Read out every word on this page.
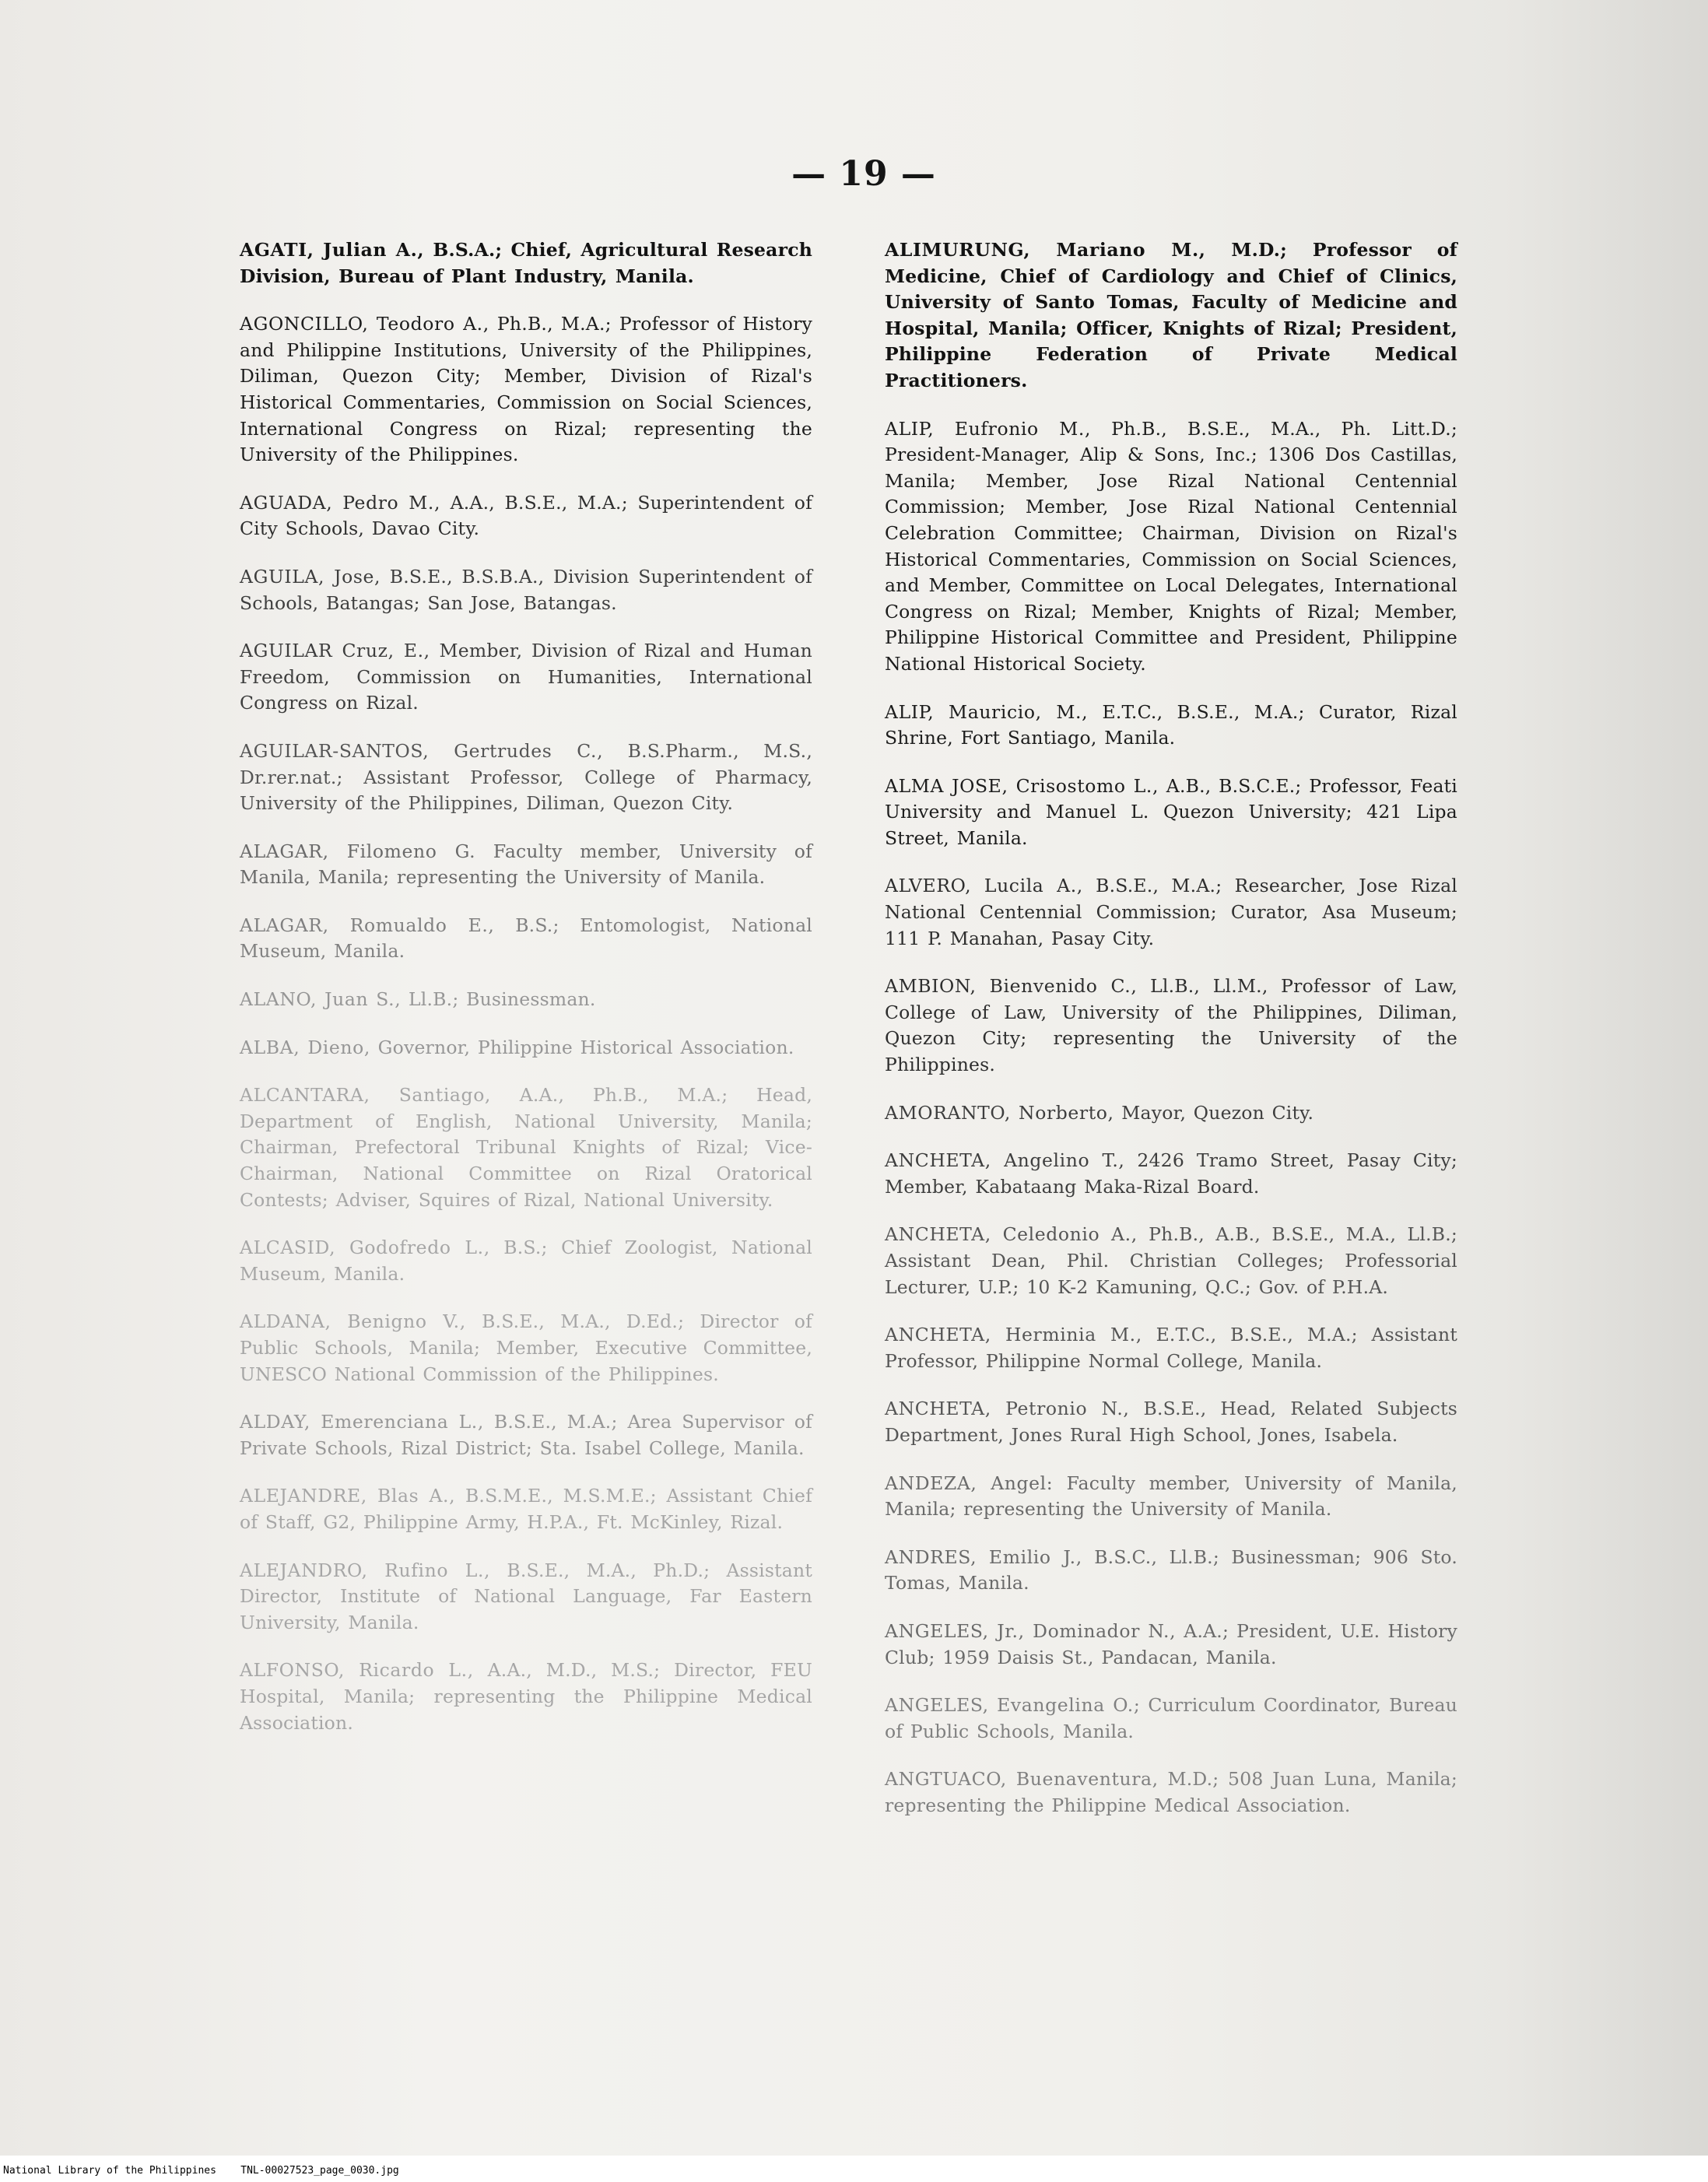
— 19 —

AGATI, Julian A., B.S.A.; Chief, Agricultural Research Division, Bureau of Plant Industry, Manila.

AGONCILLO, Teodoro A., Ph.B., M.A.; Professor of History and Philippine Institutions, University of the Philippines, Diliman, Quezon City; Member, Division of Rizal's Historical Commentaries, Commission on Social Sciences, International Congress on Rizal; representing the University of the Philippines.

AGUADA, Pedro M., A.A., B.S.E., M.A.; Superintendent of City Schools, Davao City.

AGUILA, Jose, B.S.E., B.S.B.A., Division Superintendent of Schools, Batangas; San Jose, Batangas.

AGUILAR Cruz, E., Member, Division of Rizal and Human Freedom, Commission on Humanities, International Congress on Rizal.

AGUILAR-SANTOS, Gertrudes C., B.S.Pharm., M.S., Dr.rer.nat.; Assistant Professor, College of Pharmacy, University of the Philippines, Diliman, Quezon City.

ALAGAR, Filomeno G. Faculty member, University of Manila, Manila; representing the University of Manila.

ALAGAR, Romualdo E., B.S.; Entomologist, National Museum, Manila.

ALANO, Juan S., Ll.B.; Businessman.

ALBA, Dieno, Governor, Philippine Historical Association.

ALCANTARA, Santiago, A.A., Ph.B., M.A.; Head, Department of English, National University, Manila; Chairman, Prefectoral Tribunal Knights of Rizal; Vice-Chairman, National Committee on Rizal Oratorical Contests; Adviser, Squires of Rizal, National University.

ALCASID, Godofredo L., B.S.; Chief Zoologist, National Museum, Manila.

ALDANA, Benigno V., B.S.E., M.A., D.Ed.; Director of Public Schools, Manila; Member, Executive Committee, UNESCO National Commission of the Philippines.

ALDAY, Emerenciana L., B.S.E., M.A.; Area Supervisor of Private Schools, Rizal District; Sta. Isabel College, Manila.

ALEJANDRE, Blas A., B.S.M.E., M.S.M.E.; Assistant Chief of Staff, G2, Philippine Army, H.P.A., Ft. McKinley, Rizal.

ALEJANDRO, Rufino L., B.S.E., M.A., Ph.D.; Assistant Director, Institute of National Language, Far Eastern University, Manila.

ALFONSO, Ricardo L., A.A., M.D., M.S.; Director, FEU Hospital, Manila; representing the Philippine Medical Association.

ALIMURUNG, Mariano M., M.D.; Professor of Medicine, Chief of Cardiology and Chief of Clinics, University of Santo Tomas, Faculty of Medicine and Hospital, Manila; Officer, Knights of Rizal; President, Philippine Federation of Private Medical Practitioners.

ALIP, Eufronio M., Ph.B., B.S.E., M.A., Ph. Litt.D.; President-Manager, Alip & Sons, Inc.; 1306 Dos Castillas, Manila; Member, Jose Rizal National Centennial Commission; Member, Jose Rizal National Centennial Celebration Committee; Chairman, Division on Rizal's Historical Commentaries, Commission on Social Sciences, and Member, Committee on Local Delegates, International Congress on Rizal; Member, Knights of Rizal; Member, Philippine Historical Committee and President, Philippine National Historical Society.

ALIP, Mauricio, M., E.T.C., B.S.E., M.A.; Curator, Rizal Shrine, Fort Santiago, Manila.

ALMA JOSE, Crisostomo L., A.B., B.S.C.E.; Professor, Feati University and Manuel L. Quezon University; 421 Lipa Street, Manila.

ALVERO, Lucila A., B.S.E., M.A.; Researcher, Jose Rizal National Centennial Commission; Curator, Asa Museum; 111 P. Manahan, Pasay City.

AMBION, Bienvenido C., Ll.B., Ll.M., Professor of Law, College of Law, University of the Philippines, Diliman, Quezon City; representing the University of the Philippines.

AMORANTO, Norberto, Mayor, Quezon City.

ANCHETA, Angelino T., 2426 Tramo Street, Pasay City; Member, Kabataang Maka-Rizal Board.

ANCHETA, Celedonio A., Ph.B., A.B., B.S.E., M.A., Ll.B.; Assistant Dean, Phil. Christian Colleges; Professorial Lecturer, U.P.; 10 K-2 Kamuning, Q.C.; Gov. of P.H.A.

ANCHETA, Herminia M., E.T.C., B.S.E., M.A.; Assistant Professor, Philippine Normal College, Manila.

ANCHETA, Petronio N., B.S.E., Head, Related Subjects Department, Jones Rural High School, Jones, Isabela.

ANDEZA, Angel: Faculty member, University of Manila, Manila; representing the University of Manila.

ANDRES, Emilio J., B.S.C., Ll.B.; Businessman; 906 Sto. Tomas, Manila.

ANGELES, Jr., Dominador N., A.A.; President, U.E. History Club; 1959 Daisis St., Pandacan, Manila.

ANGELES, Evangelina O.; Curriculum Coordinator, Bureau of Public Schools, Manila.

ANGTUACO, Buenaventura, M.D.; 508 Juan Luna, Manila; representing the Philippine Medical Association.

National Library of the Philippines TNL-00027523_page_0030.jpg
